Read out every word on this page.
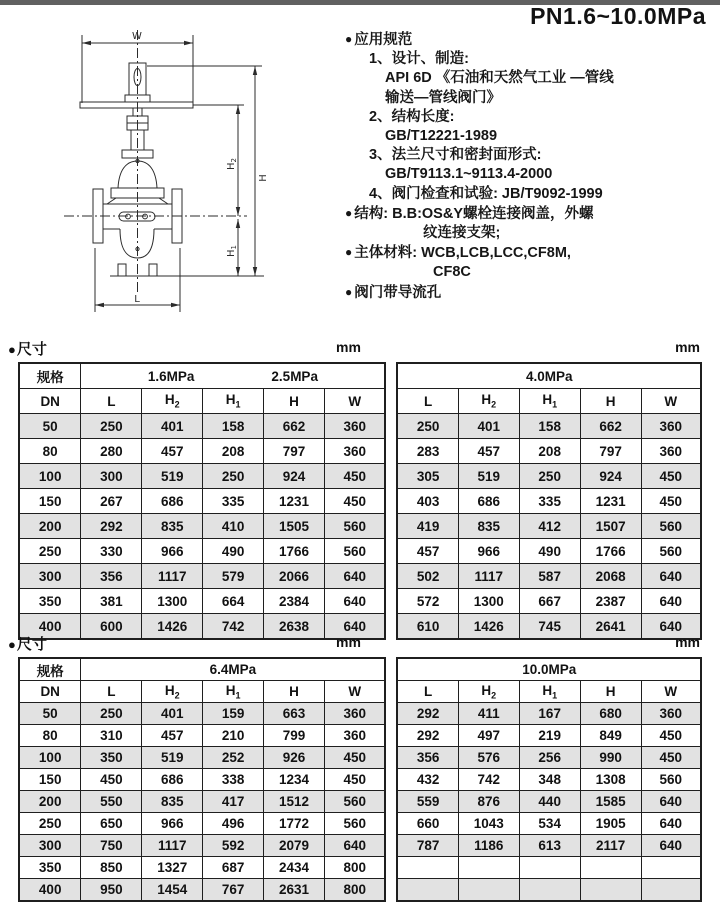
PN1.6~10.0MPa
W
H
$H_2$
$H_1$
L
● 应用规范
1、设计、制造:
API 6D 《石油和天然气工业 —管线
输送—管线阀门》
2、结构长度:
GB/T12221-1989
3、法兰尺寸和密封面形式:
GB/T9113.1~9113.4-2000
4、阀门检查和试验: JB/T9092-1999
● 结构: B.B:OS&Y螺栓连接阀盖，外螺
纹连接支架;
● 主体材料: WCB,LCB,LCC,CF8M,
CF8C
● 阀门带导流孔
●尺寸	mm	mm
规格	1.6MPa 2.5MPa				

DN	L	$H_2$	$H_1$	H	W
50	250	401	158	662	360
80	280	457	208	797	360
100	300	519	250	924	450
150	267	686	335	1231	450
200	292	835	410	1505	560
250	330	966	490	1766	560
300	356	1117	579	2066	640
350	381	1300	664	2384	640
400	600	1426	742	2638	640
4.0MPa				

L	$H_2$	$H_1$	H	W
250	401	158	662	360
283	457	208	797	360
305	519	250	924	450
403	686	335	1231	450
419	835	412	1507	560
457	966	490	1766	560
502	1117	587	2068	640
572	1300	667	2387	640
610	1426	745	2641	640
●尺寸	mm	mm
规格	6.4MPa				

DN	L	$H_2$	$H_1$	H	W
50	250	401	159	663	360
80	310	457	210	799	360
100	350	519	252	926	450
150	450	686	338	1234	450
200	550	835	417	1512	560
250	650	966	496	1772	560
300	750	1117	592	2079	640
350	850	1327	687	2434	800
400	950	1454	767	2631	800
10.0MPa				

L	$H_2$	$H_1$	H	W
292	411	167	680	360
292	497	219	849	450
356	576	256	990	450
432	742	348	1308	560
559	876	440	1585	640
660	1043	534	1905	640
787	1186	613	2117	640
